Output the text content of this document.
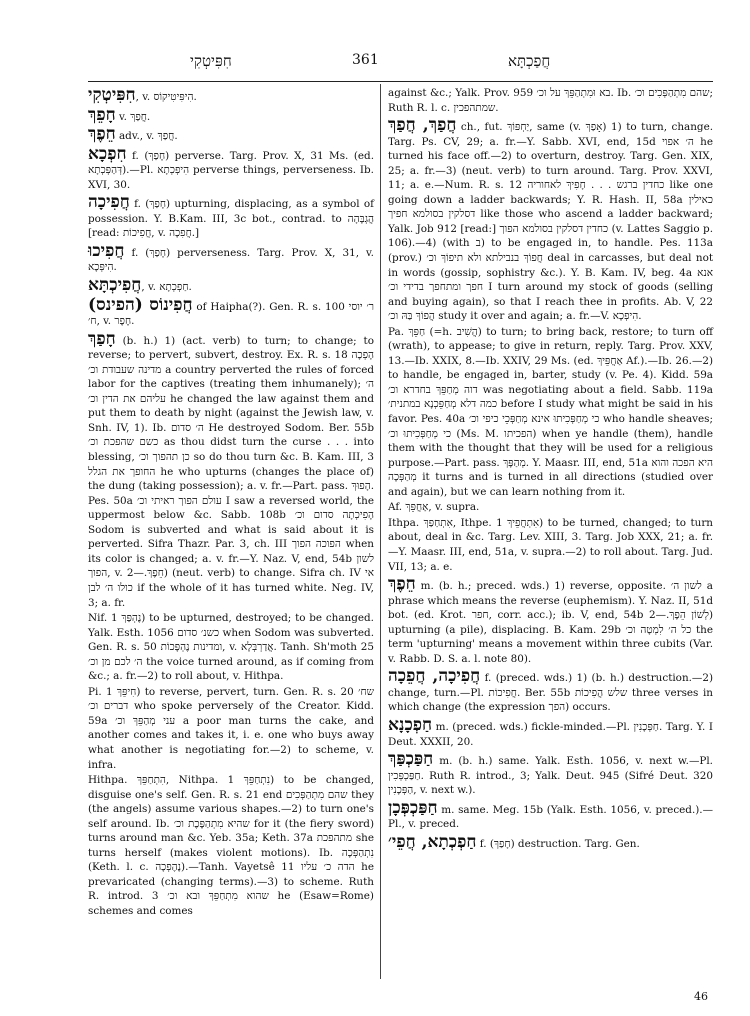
חִפִּיטְקִי	361	חֲפַכְתָּא

חִפִּיטְקִי, v. הִיפִּיטִיקוֹס.

חָפֵךְ v. חֲפַךְ.

חֵפֶךְ adv., v. חֲפַךְ.

חִפְכָא f. (חָפַךְ) perverse. Targ. Prov. X, 31 Ms. (ed. דְּהַפְּכְתָא).—Pl. הִיפְכְתָא perverse things, perverseness. Ib. XVI, 30.

חֲפִיכָה f. (חָפַךְ) upturning, displacing, as a symbol of possession. Y. B.Kam. III, 3c bot., contrad. to הֲגְבָּהָה [read: חֲפִיכוֹת, v. חֲפִכָה.]

חֲפִיכוּ f. (חָפַךְ) perverseness. Targ. Prov. X, 31, v. הִיפְּכָא.

חֲפִיכְתָּא, v. חַפְכְתָא.

חֲפִינוֹס (הפינס) of Haipha(?). Gen. R. s. 100 ר׳ יוסי ח׳, v. חֶפֶר.

חָפַךְ (b. h.) 1) (act. verb) to turn; to change; to reverse; to pervert, subvert, destroy. Ex. R. s. 18 הָפְכָה מדינה שעבודת וכ׳ a country perverted the rules of forced labor for the captives (treating them inhumanely); ה׳ עליהם את הדין וכ׳ he changed the law against them and put them to death by night (against the Jewish law, v. Snh. IV, 1). Ib. ה׳ סדום He destroyed Sodom. Ber. 55b כשם שהפכת וכ׳ as thou didst turn the curse . . . into blessing, כן תהפוך וכ׳ so do thou turn &c. B. Kam. III, 3 החופך את הגלל he who upturns (changes the place of) the dung (taking possession); a. v. fr.—Part. pass. הָפוּךְ. Pes. 50a עולם הפוך ראיתי וכ׳ I saw a reversed world, the uppermost below &c. Sabb. 108b הָפִיכְתָה סדום וכ׳ Sodom is subverted and what is said about it is perverted. Sifra Thazr. Par. 3, ch. III הפוכה הפוך when its color is changed; a. v. fr.—Y. Naz. V, end, 54b לשון הפוך, v. חֵפֶךְ.—2) (neut. verb) to change. Sifra ch. IV אי כולו ה׳ לבן if the whole of it has turned white. Neg. IV, 3; a. fr.

Nif. נֶהְפַּךְ 1) to be upturned, destroyed; to be changed. Yalk. Esth. 1056 כשנ׳ סדום when Sodom was subverted. Gen. R. s. 50 ומדינות נֶהְפָּכוֹת, v. אֲדַרְבְּלָא. Tanh. Sh'moth 25 ה׳ לכם מן וכ׳ the voice turned around, as if coming from &c.; a. fr.—2) to roll about, v. Hithpa.

Pi. חִיפֵּךְ 1) to reverse, pervert, turn. Gen. R. s. 20 שח׳ דברים וכ׳ who spoke perversely of the Creator. Kidd. 59a עני מְהַפֵּךְ וכ׳ a poor man turns the cake, and another comes and takes it, i. e. one who buys away what another is negotiating for.—2) to scheme, v. infra.

Hithpa. הִתְחַפֵּךְ, Nithpa. נִתְחַפֵּךְ 1) to be changed, disguise one's self. Gen. R. s. 21 end שהם מִתְהַפְּכִים they (the angels) assume various shapes.—2) to turn one's self around. Ib. שהיא מִתְהַפֶּכֶת וכ׳ for it (the fiery sword) turns around man &c. Yeb. 35a; Keth. 37a מתהפכת she turns herself (makes violent motions). Ib. נִתְהַפְּכָה (Keth. l. c. נֶהֶפְכָה).—Tanh. Vayetsê 11 הדה כ׳ עליו he prevaricated (changing terms).—3) to scheme. Ruth R. introd. 3 שהוא מִתְחַפֵּךְ ובא וכ׳ he (Esaw=Rome) schemes and comes

against &c.; Yalk. Prov. 959 בא וּמִתְהַפֵּךְ על וכ׳. Ib. שהם מִתְהַפְּכִים וכ׳; Ruth R. l. c. שמתהפכין.

חֲפַךְ, חֲפַךְ ch., fut. יַחְפּוֹךְ, same (v. אָפַךְ) 1) to turn, change. Targ. Ps. CV, 29; a. fr.—Y. Sabb. XVI, end, 15d ה׳ אפוי he turned his face off.—2) to overturn, destroy. Targ. Gen. XIX, 25; a. fr.—3) (neut. verb) to turn around. Targ. Prov. XXVI, 11; a. e.—Num. R. s. 12 כחדין ברגש . . . חָפִיךְ לאחוריה like one going down a ladder backwards; Y. R. Hash. II, 58a כאילין דסלקין בסולמא חפיך like those who ascend a ladder backward; Yalk. Job 912 [read:] כחדין דסלקין בסולמא הפוך (v. Lattes Saggio p. 106).—4) (with ב) to be engaged in, to handle. Pes. 113a (prov.) חֲפוֹךְ בנבילתא ולא תיפוֹךְ וכ׳ deal in carcasses, but deal not in words (gossip, sophistry &c.). Y. B. Kam. IV, beg. 4a אנא חפך ומתחפך בדידי וכ׳ I turn around my stock of goods (selling and buying again), so that I reach thee in profits. Ab. V, 22 הֲפוֹךְ בַּהּ וכ׳ study it over and again; a. fr.—V. הִיפְכָא.

Pa. חַפֵּךְ (=h. הֲשִׁיב) to turn; to bring back, restore; to turn off (wrath), to appease; to give in return, reply. Targ. Prov. XXV, 13.—Ib. XXIX, 8.—Ib. XXIV, 29 Ms. (ed. אַחֲפֵּיךְ Af.).—Ib. 26.—2) to handle, be engaged in, barter, study (v. Pe. 4). Kidd. 59a דוה מְחַפֵּךְ בחדרא וכ׳ was negotiating about a field. Sabb. 119a כמה דלא מְחַפֵּכְנָא במתנית׳ before I study what might be said in his favor. Pes. 40a כי מְחַפְּכִיתוּ אינא מְחַפְּכֵי כיפי וכ׳ who handle sheaves; כי מְחַפְּכִיתוּ וכ׳ (Ms. M. הפכיתו) when ye handle (them), handle them with the thought that they will be used for a religious purpose.—Part. pass. מְהַפָּךְ. Y. Maasr. III, end, 51a היא הפכה והוא מְהַפְּכָה it turns and is turned in all directions (studied over and again), but we can learn nothing from it.

Af. אַחֲפֵּךְ, v. supra.

Ithpa. אִתְחַפַּךְ, Ithpe. אִתְחֲפֵיךְ 1) to be turned, changed; to turn about, deal in &c. Targ. Lev. XIII, 3. Targ. Job XXX, 21; a. fr.—Y. Maasr. III, end, 51a, v. supra.—2) to roll about. Targ. Jud. VII, 13; a. e.

חֵפֶךְ m. (b. h.; preced. wds.) 1) reverse, opposite. לשון ה׳ a phrase which means the reverse (euphemism). Y. Naz. II, 51d bot. (ed. Krot. חפר, corr. acc.); ib. V, end, 54b לְשׁוֹן הֵפֶךְ.—2) upturning (a pile), displacing. B. Kam. 29b כל ה׳ לִמְטָה וכ׳ the term 'upturning' means a movement within three cubits (Var. v. Rabb. D. S. a. l. note 80).

חֲפִיכָה, חֲפֵכָה f. (preced. wds.) 1) (b. h.) destruction.—2) change, turn.—Pl. חֲפִיכוֹת. Ber. 55b שלש הֲפִיכוֹת three verses in which change (the expression הפך) occurs.

חַפְכָנָא m. (preced. wds.) fickle-minded.—Pl. חַפְּכָנִין. Targ. Y. I Deut. XXXII, 20.

חַפַּכְפַּךְ m. (b. h.) same. Yalk. Esth. 1056, v. next w.—Pl. חַפַּכְפְּכִין. Ruth R. introd., 3; Yalk. Deut. 945 (Sifré Deut. 320 הַפְּכָנִין, v. next w.).

חַפַּכְפְּכָן m. same. Meg. 15b (Yalk. Esth. 1056, v. preced.).—Pl., v. preced.

חַפְכְתָא, חֲפֵי׳ f. (חָפַךְ) destruction. Targ. Gen.

46
